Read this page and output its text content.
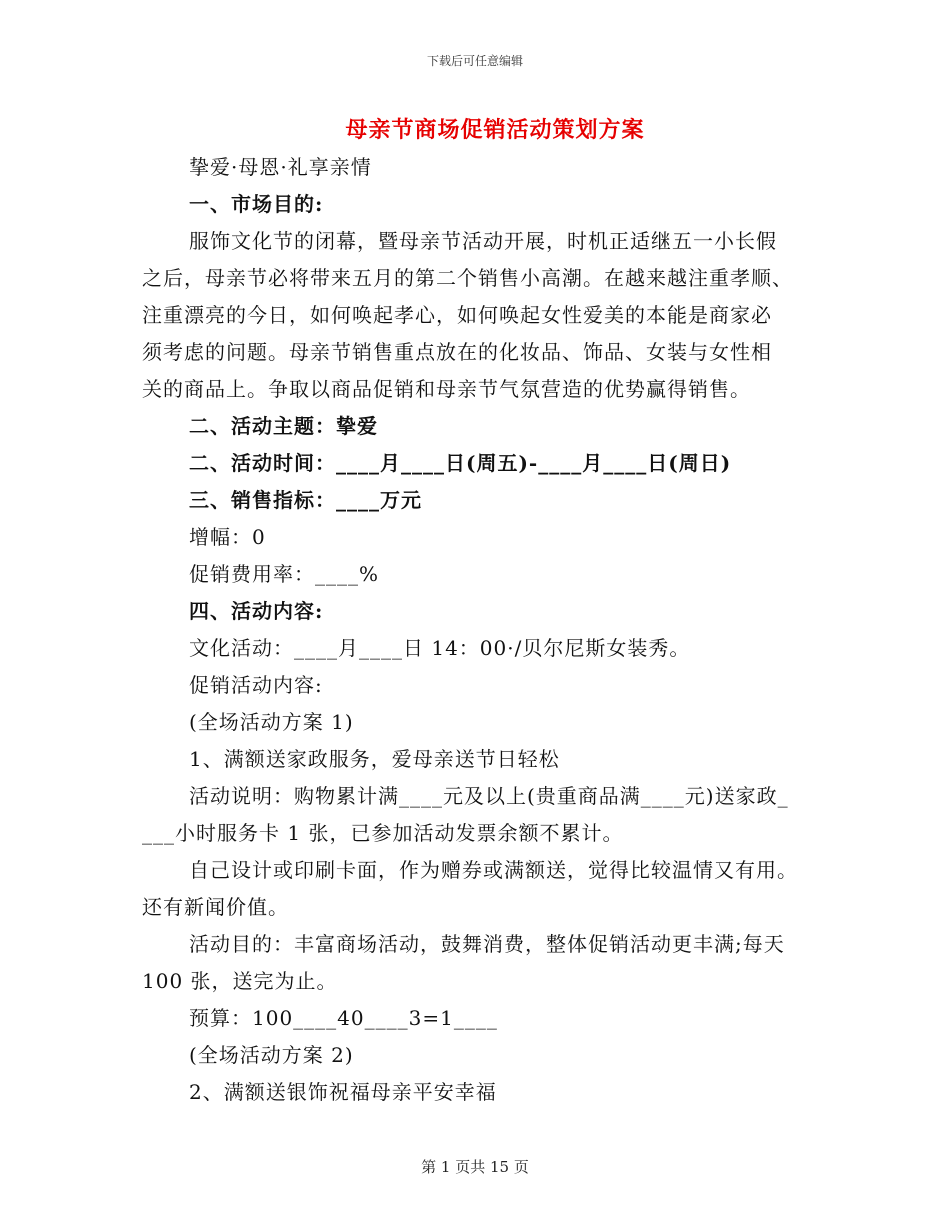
下载后可任意编辑
母亲节商场促销活动策划方案
挚爱·母恩·礼享亲情
一、市场目的:
服饰文化节的闭幕，暨母亲节活动开展，时机正适继五一小长假
之后，母亲节必将带来五月的第二个销售小高潮。在越来越注重孝顺、
注重漂亮的今日，如何唤起孝心，如何唤起女性爱美的本能是商家必
须考虑的问题。母亲节销售重点放在的化妆品、饰品、女装与女性相
关的商品上。争取以商品促销和母亲节气氛营造的优势赢得销售。
二、活动主题：挚爱
二、活动时间：____月____日(周五)-____月____日(周日)
三、销售指标：____万元
增幅：0
促销费用率：____%
四、活动内容:
文化活动：____月____日 14：00·/贝尔尼斯女装秀。
促销活动内容:
(全场活动方案 1)
1、满额送家政服务，爱母亲送节日轻松
活动说明：购物累计满____元及以上(贵重商品满____元)送家政_
___小时服务卡 1 张，已参加活动发票余额不累计。
自己设计或印刷卡面，作为赠券或满额送，觉得比较温情又有用。
还有新闻价值。
活动目的：丰富商场活动，鼓舞消费，整体促销活动更丰满;每天
100 张，送完为止。
预算：100____40____3=1____
(全场活动方案 2)
2、满额送银饰祝福母亲平安幸福
第 1 页共 15 页
